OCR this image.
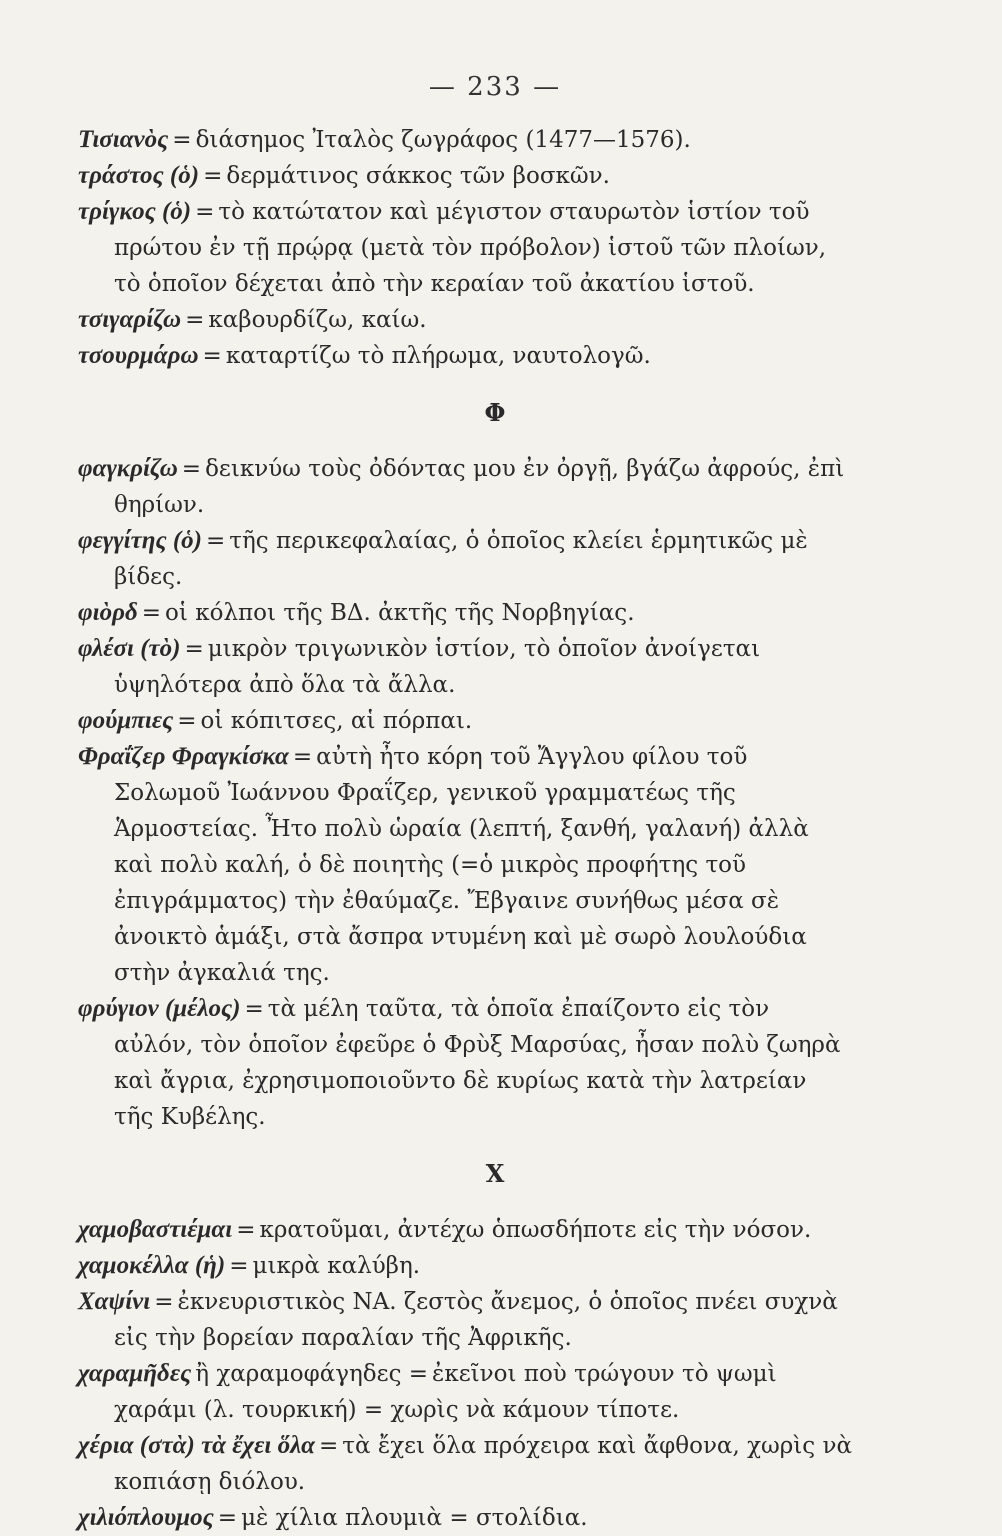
— 233 —

Τισιανὸς = διάσημος Ἰταλὸς ζωγράφος (1477—1576).

τράστος (ὁ) = δερμάτινος σάκκος τῶν βοσκῶν.

τρίγκος (ὁ) = τὸ κατώτατον καὶ μέγιστον σταυρωτὸν ἱστίον τοῦ πρώτου ἐν τῇ πρῴρᾳ (μετὰ τὸν πρόβολον) ἱστοῦ τῶν πλοίων, τὸ ὁποῖον δέχεται ἀπὸ τὴν κεραίαν τοῦ ἀκατίου ἱστοῦ.

τσιγαρίζω = καβουρδίζω, καίω.

τσουρμάρω = καταρτίζω τὸ πλήρωμα, ναυτολογῶ.

Φ

φαγκρίζω = δεικνύω τοὺς ὀδόντας μου ἐν ὀργῇ, βγάζω ἀφρούς, ἐπὶ θηρίων.

φεγγίτης (ὁ) = τῆς περικεφαλαίας, ὁ ὁποῖος κλείει ἑρμητικῶς μὲ βίδες.

φιὸρδ = οἱ κόλποι τῆς ΒΔ. ἀκτῆς τῆς Νορβηγίας.

φλέσι (τὸ) = μικρὸν τριγωνικὸν ἱστίον, τὸ ὁποῖον ἀνοίγεται ὑψηλότερα ἀπὸ ὅλα τὰ ἄλλα.

φούμπιες = οἱ κόπιτσες, αἱ πόρπαι.

Φραΐζερ Φραγκίσκα = αὐτὴ ἦτο κόρη τοῦ Ἄγγλου φίλου τοῦ Σολωμοῦ Ἰωάννου Φραΐζερ, γενικοῦ γραμματέως τῆς Ἁρμοστείας. Ἦτο πολὺ ὡραία (λεπτή, ξανθή, γαλανή) ἀλλὰ καὶ πολὺ καλή, ὁ δὲ ποιητὴς (=ὁ μικρὸς προφήτης τοῦ ἐπιγράμματος) τὴν ἐθαύμαζε. Ἔβγαινε συνήθως μέσα σὲ ἀνοικτὸ ἁμάξι, στὰ ἄσπρα ντυμένη καὶ μὲ σωρὸ λουλούδια στὴν ἀγκαλιά της.

φρύγιον (μέλος) = τὰ μέλη ταῦτα, τὰ ὁποῖα ἐπαίζοντο εἰς τὸν αὐλόν, τὸν ὁποῖον ἐφεῦρε ὁ Φρὺξ Μαρσύας, ἦσαν πολὺ ζωηρὰ καὶ ἄγρια, ἐχρησιμοποιοῦντο δὲ κυρίως κατὰ τὴν λατρείαν τῆς Κυβέλης.

Χ

χαμοβαστιέμαι = κρατοῦμαι, ἀντέχω ὁπωσδήποτε εἰς τὴν νόσον.

χαμοκέλλα (ἡ) = μικρὰ καλύβη.

Χαψίνι = ἐκνευριστικὸς ΝΑ. ζεστὸς ἄνεμος, ὁ ὁποῖος πνέει συχνὰ εἰς τὴν βορείαν παραλίαν τῆς Ἀφρικῆς.

χαραμῆδες ἢ χαραμοφάγηδες = ἐκεῖνοι ποὺ τρώγουν τὸ ψωμὶ χαράμι (λ. τουρκική) = χωρὶς νὰ κάμουν τίποτε.

χέρια (στὰ) τὰ ἔχει ὅλα = τὰ ἔχει ὅλα πρόχειρα καὶ ἄφθονα, χωρὶς νὰ κοπιάσῃ διόλου.

χιλιόπλουμος = μὲ χίλια πλουμιὰ = στολίδια.
